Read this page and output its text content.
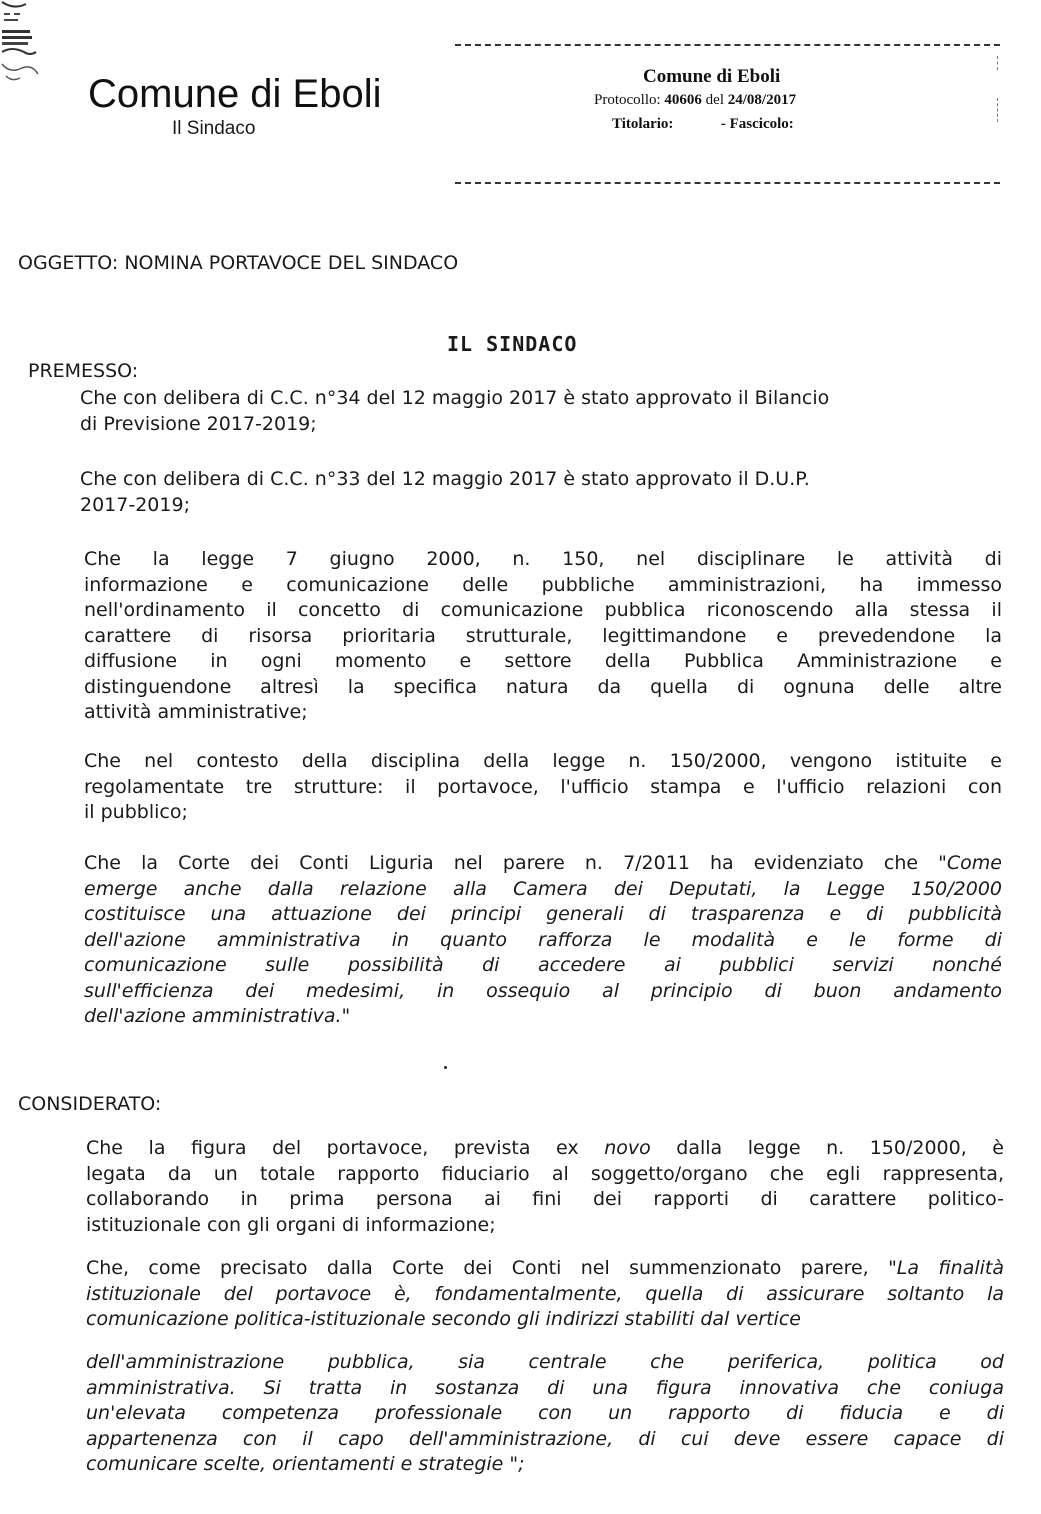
Comune di Eboli
Il Sindaco
Comune di Eboli
Protocollo: 40606 del 24/08/2017
Titolario:	- Fascicolo:
OGGETTO: NOMINA PORTAVOCE DEL SINDACO
IL SINDACO
PREMESSO:
Che con delibera di C.C. n°34 del 12 maggio 2017 è stato approvato il Bilancio
di Previsione 2017-2019;
Che con delibera di C.C. n°33 del 12 maggio 2017 è stato approvato il D.U.P.
2017-2019;
Che la legge 7 giugno 2000, n. 150, nel disciplinare le attività di
informazione e comunicazione delle pubbliche amministrazioni, ha immesso
nell'ordinamento il concetto di comunicazione pubblica riconoscendo alla stessa il
carattere di risorsa prioritaria strutturale, legittimandone e prevedendone la
diffusione in ogni momento e settore della Pubblica Amministrazione e
distinguendone altresì la specifica natura da quella di ognuna delle altre
attività amministrative;
Che nel contesto della disciplina della legge n. 150/2000, vengono istituite e
regolamentate tre strutture: il portavoce, l'ufficio stampa e l'ufficio relazioni con
il pubblico;
Che la Corte dei Conti Liguria nel parere n. 7/2011 ha evidenziato che "Come
emerge anche dalla relazione alla Camera dei Deputati, la Legge 150/2000
costituisce una attuazione dei principi generali di trasparenza e di pubblicità
dell'azione amministrativa in quanto rafforza le modalità e le forme di
comunicazione sulle possibilità di accedere ai pubblici servizi nonché
sull'efficienza dei medesimi, in ossequio al principio di buon andamento
dell'azione amministrativa."
CONSIDERATO:
Che la figura del portavoce, prevista ex novo dalla legge n. 150/2000, è
legata da un totale rapporto fiduciario al soggetto/organo che egli rappresenta,
collaborando in prima persona ai fini dei rapporti di carattere politico-
istituzionale con gli organi di informazione;
Che, come precisato dalla Corte dei Conti nel summenzionato parere, "La finalità
istituzionale del portavoce è, fondamentalmente, quella di assicurare soltanto la
comunicazione politica-istituzionale secondo gli indirizzi stabiliti dal vertice
dell'amministrazione pubblica, sia centrale che periferica, politica od
amministrativa. Si tratta in sostanza di una figura innovativa che coniuga
un'elevata competenza professionale con un rapporto di fiducia e di
appartenenza con il capo dell'amministrazione, di cui deve essere capace di
comunicare scelte, orientamenti e strategie ";
